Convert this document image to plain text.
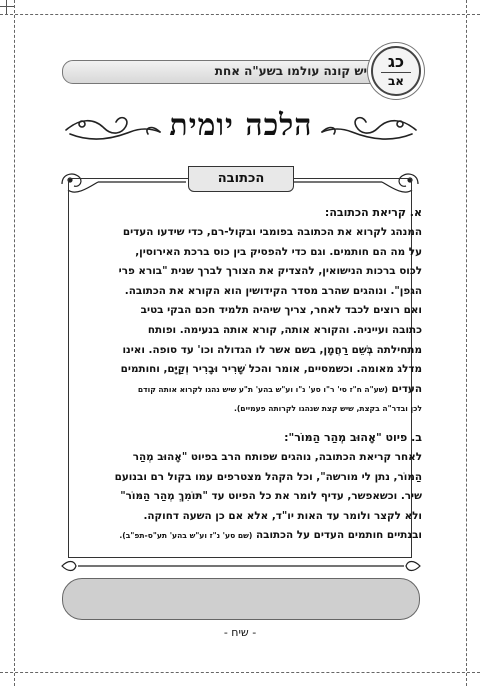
יש קונה עולמו בשע"ה אחת	כג
אב
הלכה יומית
הכתובה
א. קריאת הכתובה:

המנהג לקרוא את הכתובה בפומבי ובקול-רם, כדי שידעו העדים

על מה הם חותמים. וגם כדי להפסיק בין כוס ברכת האירוסין,

לכוס ברכות הנישואין, להצדיק את הצורך לברך שנית "בורא פרי

הגפן". ונוהגים שהרב מסדר הקידושין הוא הקורא את הכתובה.

ואם רוצים לכבד לאחר, צריך שיהיה תלמיד חכם הבקי בטיב

כתובה ועייניה. והקורא אותה, קורא אותה בנעימה. ופותח

מתחילתה בְּשֵׁם רַחֲמָן, בשם אשר לו הגדולה וכו' עד סופה. ואינו

מדלג מאומה. וכשמסיים, אומר והכל שָׁרִיר וּבָרִיר וְקַיָּם, וחותמים

העדים (שע"ה ח"ז סי' ר"ו סע' נ"ו וע"ש בהע' ת"ע שיש נהגו לקרוא אותה קודם

לכן ובדר"ה בקצת, שיש קצת שנהגו לקרותה פעמיים).

ב. פיוט "אָהוּב מְהַר הַמּוֹר":

לאחר קריאת הכתובה, נוהגים שפותח הרב בפיוט "אָהוּב מְהַר

הַמּוֹר, נתן לי מורשה", וכל הקהל מצטרפים עמו בקול רם ובנועם

שיר. וכשאפשר, עדיף לומר את כל הפיוט עד "תּוֹמִךְ מְהַר הַמּוֹר"

ולא לקצר ולומר עד האות יו"ד, אלא אם כן השעה דחוקה.

ובנתיים חותמים העדים על הכתובה (שם סע' נ"ז וע"ש בהע' תע"ס-תפ"ב).

- שיח -
